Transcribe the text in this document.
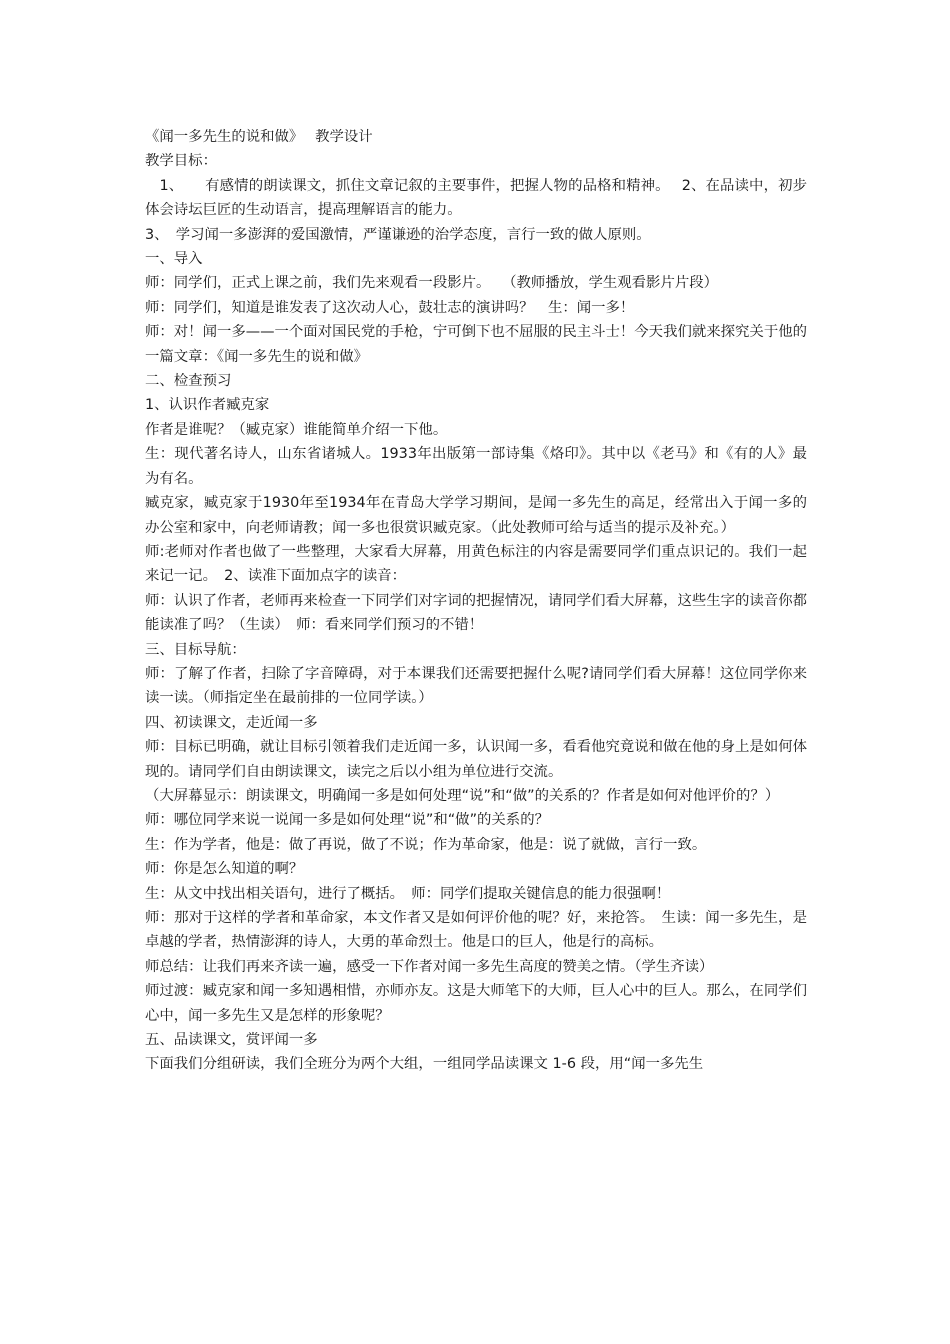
《闻一多先生的说和做》　 教学设计

教学目标：

　1、　　有感情的朗读课文，抓住文章记叙的主要事件，把握人物的品格和精神。　 2、在品读中，初步体会诗坛巨匠的生动语言，提高理解语言的能力。

3、　学习闻一多澎湃的爱国激情，严谨谦逊的治学态度，言行一致的做人原则。

一、导入

师：同学们，正式上课之前，我们先来观看一段影片。　 （教师播放，学生观看影片片段）

师：同学们，知道是谁发表了这次动人心，鼓壮志的演讲吗？　生：闻一多！

师：对！闻一多——一个面对国民党的手枪，宁可倒下也不屈服的民主斗士！今天我们就来探究关于他的一篇文章：《闻一多先生的说和做》

二、检查预习

1、认识作者臧克家

作者是谁呢？（臧克家）谁能简单介绍一下他。

生：现代著名诗人，山东省诸城人。1933年出版第一部诗集《烙印》。其中以《老马》和《有的人》最为有名。

臧克家，臧克家于1930年至1934年在青岛大学学习期间，是闻一多先生的高足，经常出入于闻一多的办公室和家中，向老师请教；闻一多也很赏识臧克家。（此处教师可给与适当的提示及补充。）

师:老师对作者也做了一些整理，大家看大屏幕，用黄色标注的内容是需要同学们重点识记的。我们一起来记一记。　2、读准下面加点字的读音：

师：认识了作者，老师再来检查一下同学们对字词的把握情况，请同学们看大屏幕，这些生字的读音你都能读准了吗？（生读）　师：看来同学们预习的不错！

三、目标导航：

师：了解了作者，扫除了字音障碍，对于本课我们还需要把握什么呢?请同学们看大屏幕！这位同学你来读一读。（师指定坐在最前排的一位同学读。）

四、初读课文，走近闻一多

师：目标已明确，就让目标引领着我们走近闻一多，认识闻一多，看看他究竟说和做在他的身上是如何体现的。请同学们自由朗读课文，读完之后以小组为单位进行交流。

（大屏幕显示：朗读课文，明确闻一多是如何处理“说”和“做”的关系的？作者是如何对他评价的？）

师：哪位同学来说一说闻一多是如何处理“说”和“做”的关系的？

生：作为学者，他是：做了再说，做了不说；作为革命家，他是：说了就做，言行一致。

师：你是怎么知道的啊？

生：从文中找出相关语句，进行了概括。　师：同学们提取关键信息的能力很强啊！

师：那对于这样的学者和革命家，本文作者又是如何评价他的呢？好，来抢答。　生读：闻一多先生，是卓越的学者，热情澎湃的诗人，大勇的革命烈士。他是口的巨人，他是行的高标。

师总结：让我们再来齐读一遍，感受一下作者对闻一多先生高度的赞美之情。（学生齐读）

师过渡：臧克家和闻一多知遇相惜，亦师亦友。这是大师笔下的大师，巨人心中的巨人。那么，在同学们心中，闻一多先生又是怎样的形象呢？

五、品读课文，赏评闻一多

下面我们分组研读，我们全班分为两个大组，一组同学品读课文 1-6 段，用“闻一多先生
